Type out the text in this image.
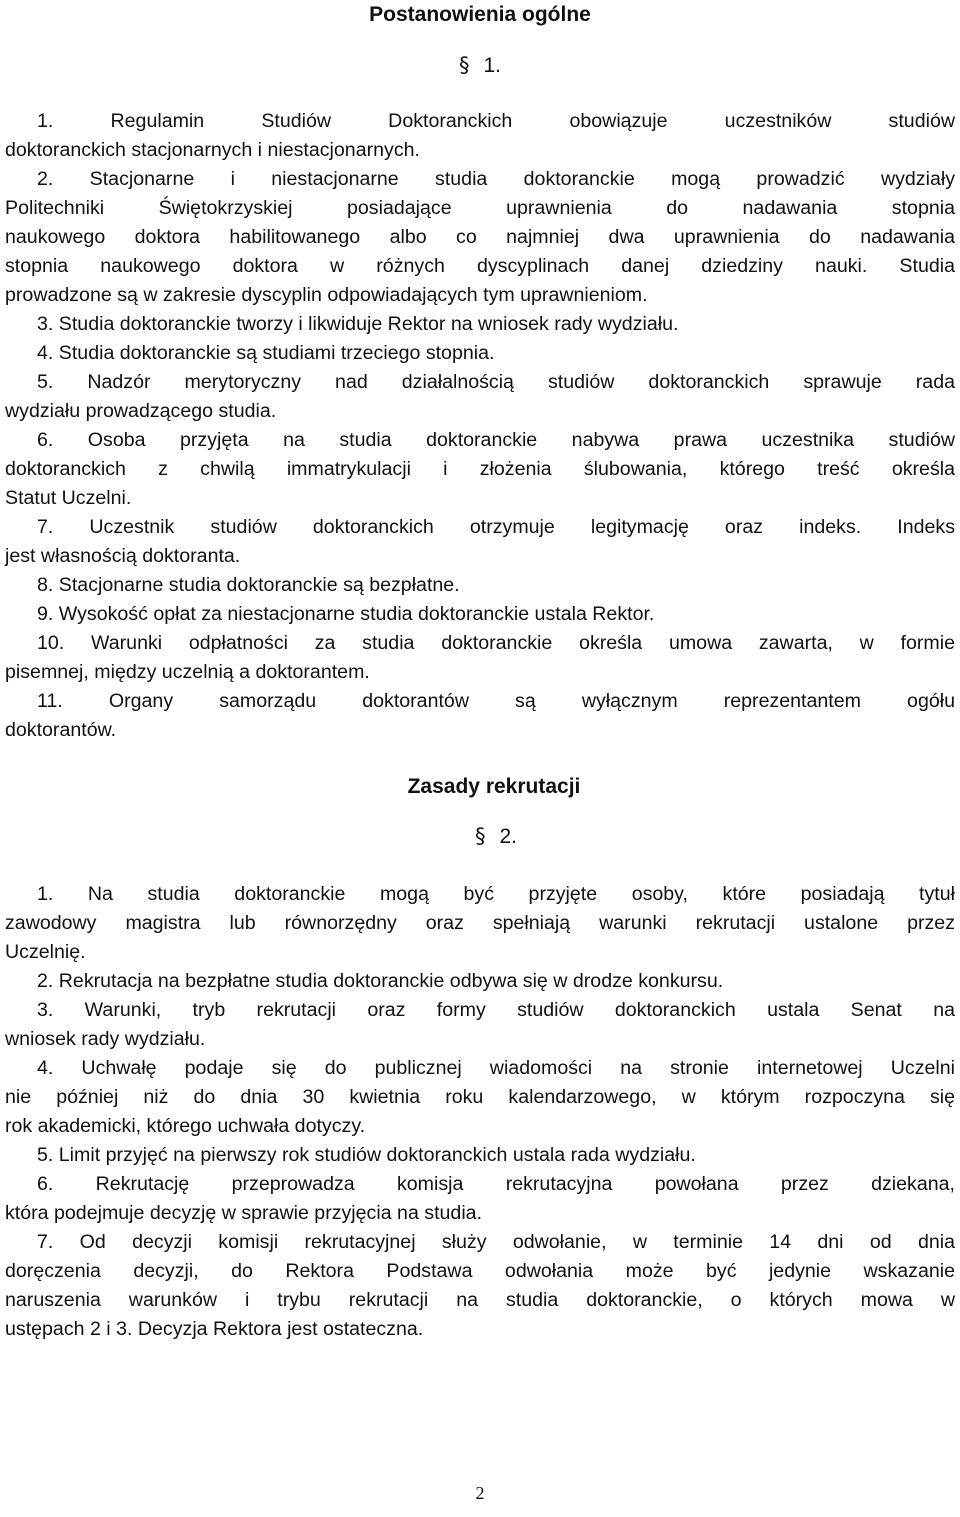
Postanowienia ogólne
§ 1.
1. Regulamin Studiów Doktoranckich obowiązuje uczestników studiów
doktoranckich stacjonarnych i niestacjonarnych.
2. Stacjonarne i niestacjonarne studia doktoranckie mogą prowadzić wydziały
Politechniki Świętokrzyskiej posiadające uprawnienia do nadawania stopnia
naukowego doktora habilitowanego albo co najmniej dwa uprawnienia do nadawania
stopnia naukowego doktora w różnych dyscyplinach danej dziedziny nauki. Studia
prowadzone są w zakresie dyscyplin odpowiadających tym uprawnieniom.
3. Studia doktoranckie tworzy i likwiduje Rektor na wniosek rady wydziału.
4. Studia doktoranckie są studiami trzeciego stopnia.
5. Nadzór merytoryczny nad działalnością studiów doktoranckich sprawuje rada
wydziału prowadzącego studia.
6. Osoba przyjęta na studia doktoranckie nabywa prawa uczestnika studiów
doktoranckich z chwilą immatrykulacji i złożenia ślubowania, którego treść określa
Statut Uczelni.
7. Uczestnik studiów doktoranckich otrzymuje legitymację oraz indeks. Indeks
jest własnością doktoranta.
8. Stacjonarne studia doktoranckie są bezpłatne.
9. Wysokość opłat za niestacjonarne studia doktoranckie ustala Rektor.
10. Warunki odpłatności za studia doktoranckie określa umowa zawarta, w formie
pisemnej, między uczelnią a doktorantem.
11. Organy samorządu doktorantów są wyłącznym reprezentantem ogółu
doktorantów.
Zasady rekrutacji
§ 2.
1. Na studia doktoranckie mogą być przyjęte osoby, które posiadają tytuł
zawodowy magistra lub równorzędny oraz spełniają warunki rekrutacji ustalone przez
Uczelnię.
2. Rekrutacja na bezpłatne studia doktoranckie odbywa się w drodze konkursu.
3. Warunki, tryb rekrutacji oraz formy studiów doktoranckich ustala Senat na
wniosek rady wydziału.
4. Uchwałę podaje się do publicznej wiadomości na stronie internetowej Uczelni
nie później niż do dnia 30 kwietnia roku kalendarzowego, w którym rozpoczyna się
rok akademicki, którego uchwała dotyczy.
5. Limit przyjęć na pierwszy rok studiów doktoranckich ustala rada wydziału.
6. Rekrutację przeprowadza komisja rekrutacyjna powołana przez dziekana,
która podejmuje decyzję w sprawie przyjęcia na studia.
7. Od decyzji komisji rekrutacyjnej służy odwołanie, w terminie 14 dni od dnia
doręczenia decyzji, do Rektora Podstawa odwołania może być jedynie wskazanie
naruszenia warunków i trybu rekrutacji na studia doktoranckie, o których mowa w
ustępach 2 i 3. Decyzja Rektora jest ostateczna.
2
